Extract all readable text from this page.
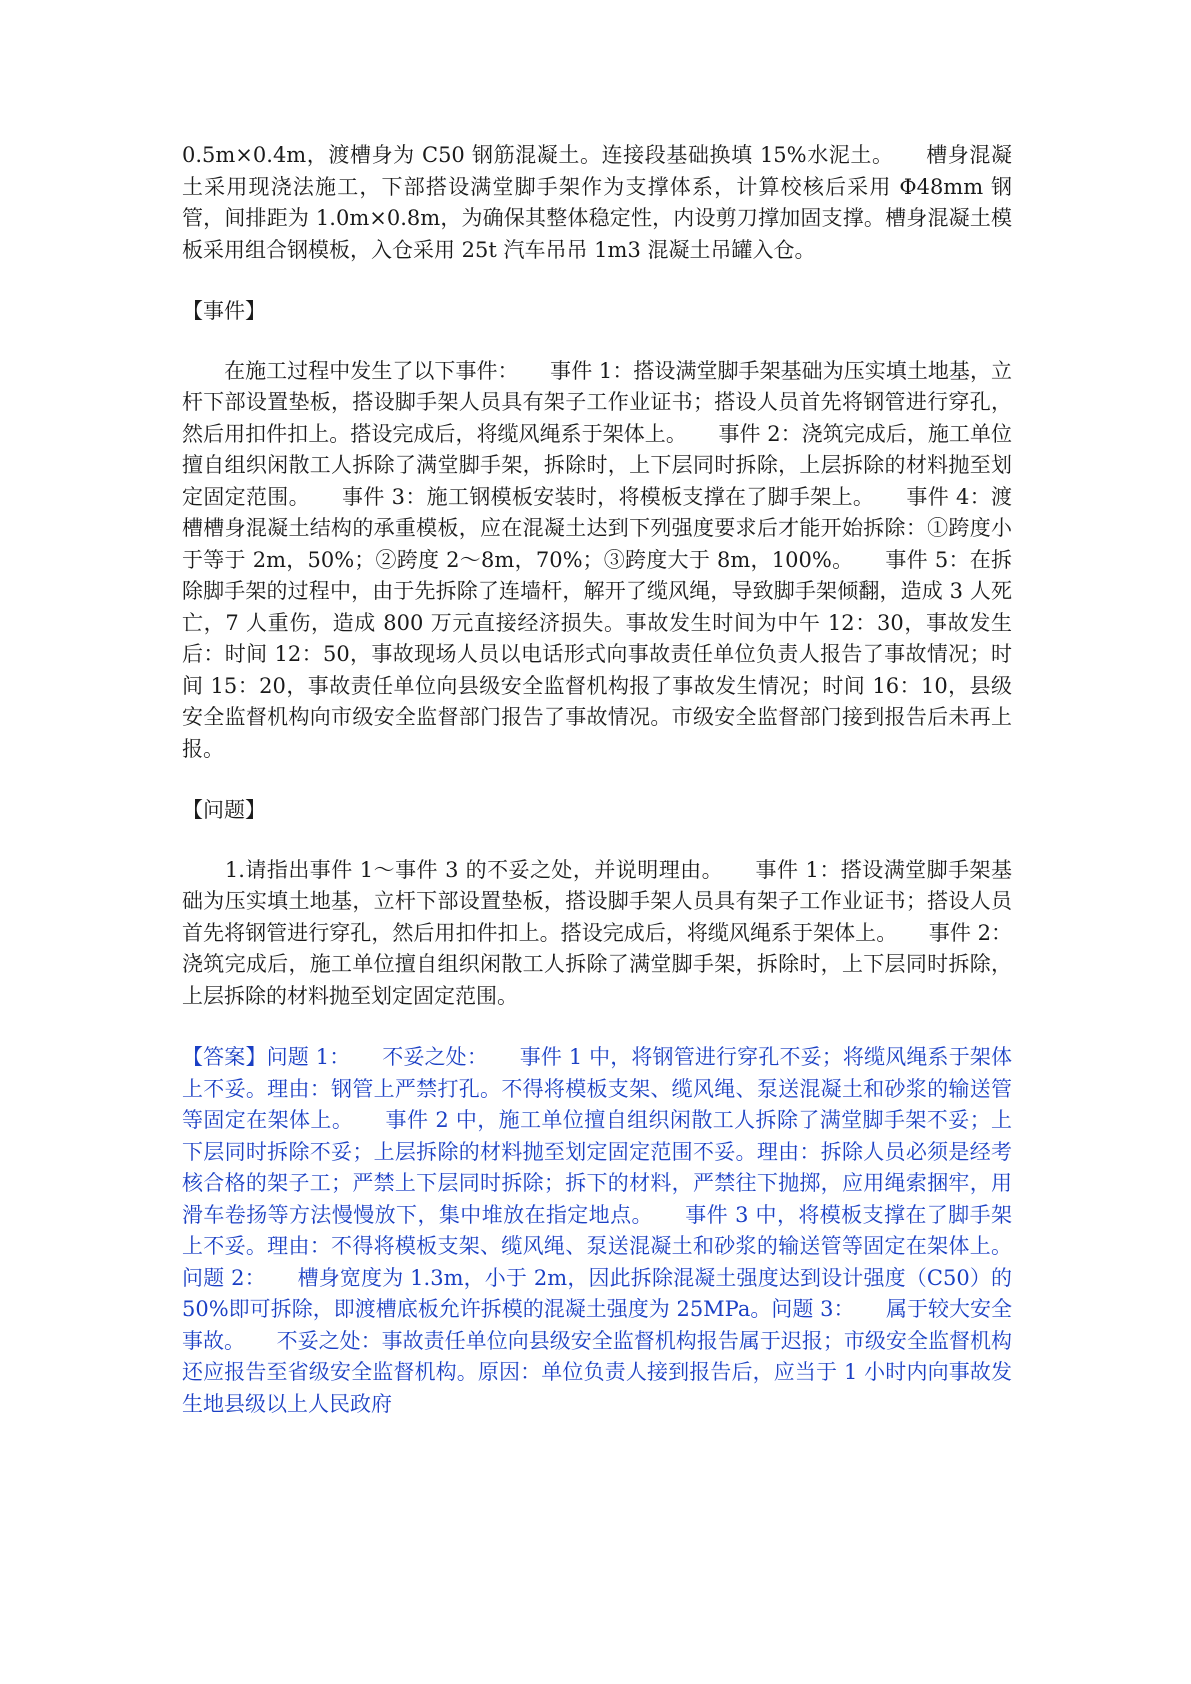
0.5m×0.4m，渡槽身为 C50 钢筋混凝土。连接段基础换填 15%水泥土。　　槽身混凝土采用现浇法施工，下部搭设满堂脚手架作为支撑体系，计算校核后采用 Φ48mm 钢管，间排距为 1.0m×0.8m，为确保其整体稳定性，内设剪刀撑加固支撑。槽身混凝土模板采用组合钢模板，入仓采用 25t 汽车吊吊 1m3 混凝土吊罐入仓。

【事件】

　　在施工过程中发生了以下事件：　　事件 1：搭设满堂脚手架基础为压实填土地基，立杆下部设置垫板，搭设脚手架人员具有架子工作业证书；搭设人员首先将钢管进行穿孔，然后用扣件扣上。搭设完成后，将缆风绳系于架体上。　　事件 2：浇筑完成后，施工单位擅自组织闲散工人拆除了满堂脚手架，拆除时，上下层同时拆除，上层拆除的材料抛至划定固定范围。　　事件 3：施工钢模板安装时，将模板支撑在了脚手架上。　　事件 4：渡槽槽身混凝土结构的承重模板，应在混凝土达到下列强度要求后才能开始拆除：①跨度小于等于 2m，50%；②跨度 2～8m，70%；③跨度大于 8m，100%。　　事件 5：在拆除脚手架的过程中，由于先拆除了连墙杆，解开了缆风绳，导致脚手架倾翻，造成 3 人死亡，7 人重伤，造成 800 万元直接经济损失。事故发生时间为中午 12：30，事故发生后：时间 12：50，事故现场人员以电话形式向事故责任单位负责人报告了事故情况；时间 15：20，事故责任单位向县级安全监督机构报了事故发生情况；时间 16：10，县级安全监督机构向市级安全监督部门报告了事故情况。市级安全监督部门接到报告后未再上报。

【问题】

　　1.请指出事件 1～事件 3 的不妥之处，并说明理由。　　事件 1：搭设满堂脚手架基础为压实填土地基，立杆下部设置垫板，搭设脚手架人员具有架子工作业证书；搭设人员首先将钢管进行穿孔，然后用扣件扣上。搭设完成后，将缆风绳系于架体上。　　事件 2：浇筑完成后，施工单位擅自组织闲散工人拆除了满堂脚手架，拆除时，上下层同时拆除，上层拆除的材料抛至划定固定范围。

【答案】问题 1：　　不妥之处：　　事件 1 中，将钢管进行穿孔不妥；将缆风绳系于架体上不妥。理由：钢管上严禁打孔。不得将模板支架、缆风绳、泵送混凝土和砂浆的输送管等固定在架体上。　　事件 2 中，施工单位擅自组织闲散工人拆除了满堂脚手架不妥；上下层同时拆除不妥；上层拆除的材料抛至划定固定范围不妥。理由：拆除人员必须是经考核合格的架子工；严禁上下层同时拆除；拆下的材料，严禁往下抛掷，应用绳索捆牢，用滑车卷扬等方法慢慢放下，集中堆放在指定地点。　　事件 3 中，将模板支撑在了脚手架上不妥。理由：不得将模板支架、缆风绳、泵送混凝土和砂浆的输送管等固定在架体上。问题 2：　　槽身宽度为 1.3m，小于 2m，因此拆除混凝土强度达到设计强度（C50）的 50%即可拆除，即渡槽底板允许拆模的混凝土强度为 25MPa。问题 3：　　属于较大安全事故。　　不妥之处：事故责任单位向县级安全监督机构报告属于迟报；市级安全监督机构还应报告至省级安全监督机构。原因：单位负责人接到报告后，应当于 1 小时内向事故发生地县级以上人民政府
